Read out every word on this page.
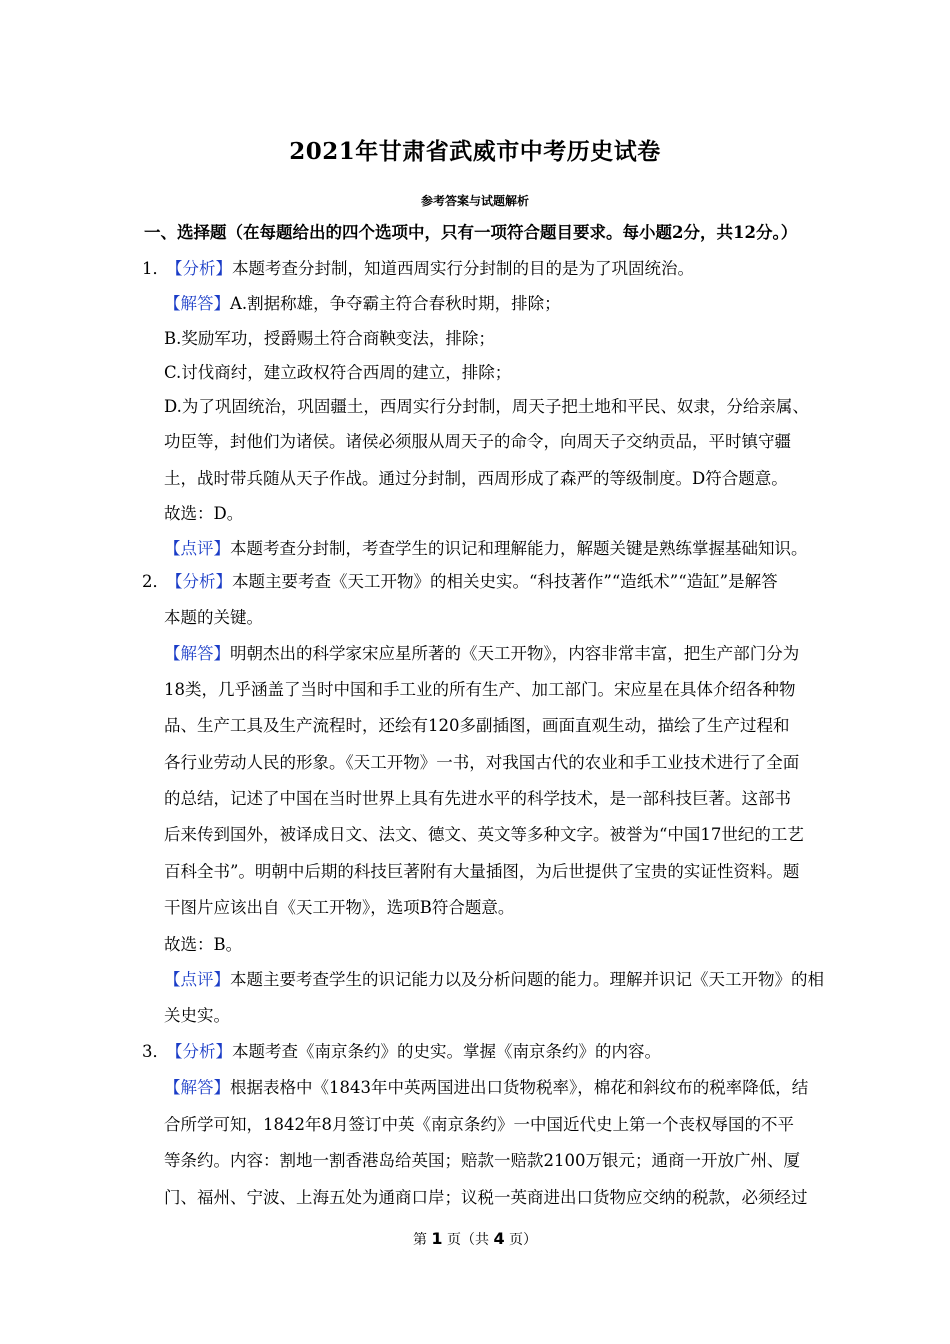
2021年甘肃省武威市中考历史试卷
参考答案与试题解析
一、选择题（在每题给出的四个选项中，只有一项符合题目要求。每小题2分，共12分。）
1．
【分析】本题考查分封制，知道西周实行分封制的目的是为了巩固统治。
【解答】A.割据称雄，争夺霸主符合春秋时期，排除；
B.奖励军功，授爵赐土符合商鞅变法，排除；
C.讨伐商纣，建立政权符合西周的建立，排除；
D.为了巩固统治，巩固疆土，西周实行分封制，周天子把土地和平民、奴隶，分给亲属、
功臣等，封他们为诸侯。诸侯必须服从周天子的命令，向周天子交纳贡品，平时镇守疆
土，战时带兵随从天子作战。通过分封制，西周形成了森严的等级制度。D符合题意。
故选：D。
【点评】本题考查分封制，考查学生的识记和理解能力，解题关键是熟练掌握基础知识。
2．
【分析】本题主要考查《天工开物》的相关史实。“科技著作”“造纸术”“造缸”是解答
本题的关键。
【解答】明朝杰出的科学家宋应星所著的《天工开物》，内容非常丰富，把生产部门分为
18类，几乎涵盖了当时中国和手工业的所有生产、加工部门。宋应星在具体介绍各种物
品、生产工具及生产流程时，还绘有120多副插图，画面直观生动，描绘了生产过程和
各行业劳动人民的形象。《天工开物》一书，对我国古代的农业和手工业技术进行了全面
的总结，记述了中国在当时世界上具有先进水平的科学技术，是一部科技巨著。这部书
后来传到国外，被译成日文、法文、德文、英文等多种文字。被誉为“中国17世纪的工艺
百科全书”。明朝中后期的科技巨著附有大量插图，为后世提供了宝贵的实证性资料。题
干图片应该出自《天工开物》，选项B符合题意。
故选：B。
【点评】本题主要考查学生的识记能力以及分析问题的能力。理解并识记《天工开物》的相
关史实。
3．
【分析】本题考查《南京条约》的史实。掌握《南京条约》的内容。
【解答】根据表格中《1843年中英两国进出口货物税率》，棉花和斜纹布的税率降低，结
合所学可知，1842年8月签订中英《南京条约》一中国近代史上第一个丧权辱国的不平
等条约。内容：割地一割香港岛给英国；赔款一赔款2100万银元；通商一开放广州、厦
门、福州、宁波、上海五处为通商口岸；议税一英商进出口货物应交纳的税款，必须经过
第 1 页（共 4 页）
